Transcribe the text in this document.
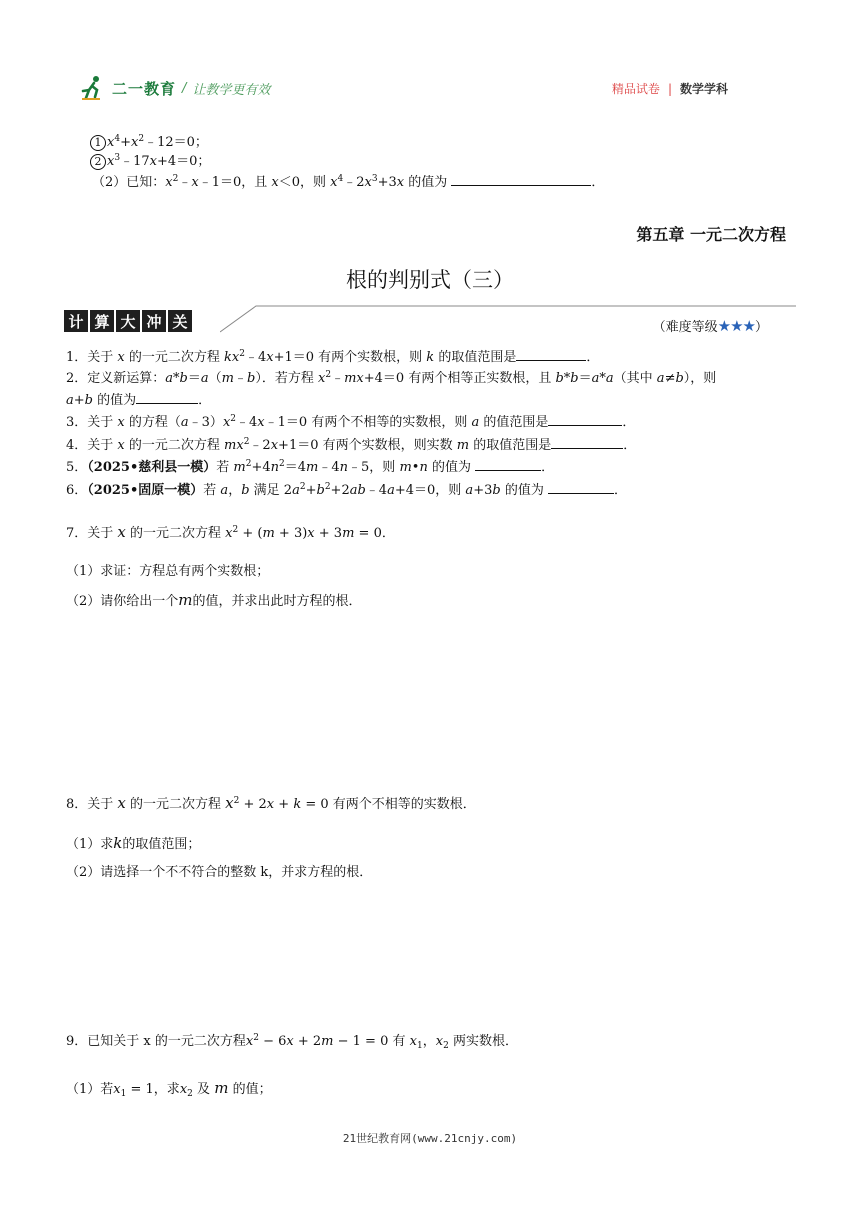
二一教育 / 让教学更有效	精品试卷 | 数学学科
1 $x^4+x^2﹣12=0$；
2 $x^3﹣17x+4=0$；
（2）已知：$x^2﹣x﹣1=0$，且 x＜0，则 $x^4﹣2x^3+3x$ 的值为	．
第五章 一元二次方程
根的判别式（三）
计 算 大 冲 关	（难度等级★★★）
1．关于 x 的一元二次方程 $kx^2﹣4x+1=0$ 有两个实数根，则 k 的取值范围是	．
2．定义新运算：a*b＝a（m﹣b）．若方程 $x^2﹣mx+4=0$ 有两个相等正实数根，且 b*b＝a*a（其中 a≠b），则
a+b 的值为	．
3．关于 x 的方程$(a﹣3)x^2﹣4x﹣1=0$ 有两个不相等的实数根，则 a 的值范围是	．
4．关于 x 的一元二次方程 $mx^2﹣2x+1=0$ 有两个实数根，则实数 m 的取值范围是	．
5．（2025•慈利县一模）若 $m^2+4n^2=4m﹣4n﹣5$，则 m•n 的值为	．
6．（2025•固原一模）若 a，b 满足 $2a^2+b^2+2ab﹣4a+4=0$，则 a+3b 的值为	．
7．关于 x 的一元二次方程 $x^2 + (m + 3)x + 3m = 0$．
（1）求证：方程总有两个实数根；
（2）请你给出一个m的值，并求出此时方程的根．
8．关于 x 的一元二次方程 $x^2 + 2x + k = 0$ 有两个不相等的实数根．
（1）求k的取值范围；
（2）请选择一个不不符合的整数 k，并求方程的根．
9．已知关于 x 的一元二次方程$x^2 - 6x + 2m - 1 = 0$ 有 $x_1$，$x_2$ 两实数根．
（1）若$x_1 = 1$，求$x_2$ 及 m 的值；
21世纪教育网(www.21cnjy.com)
